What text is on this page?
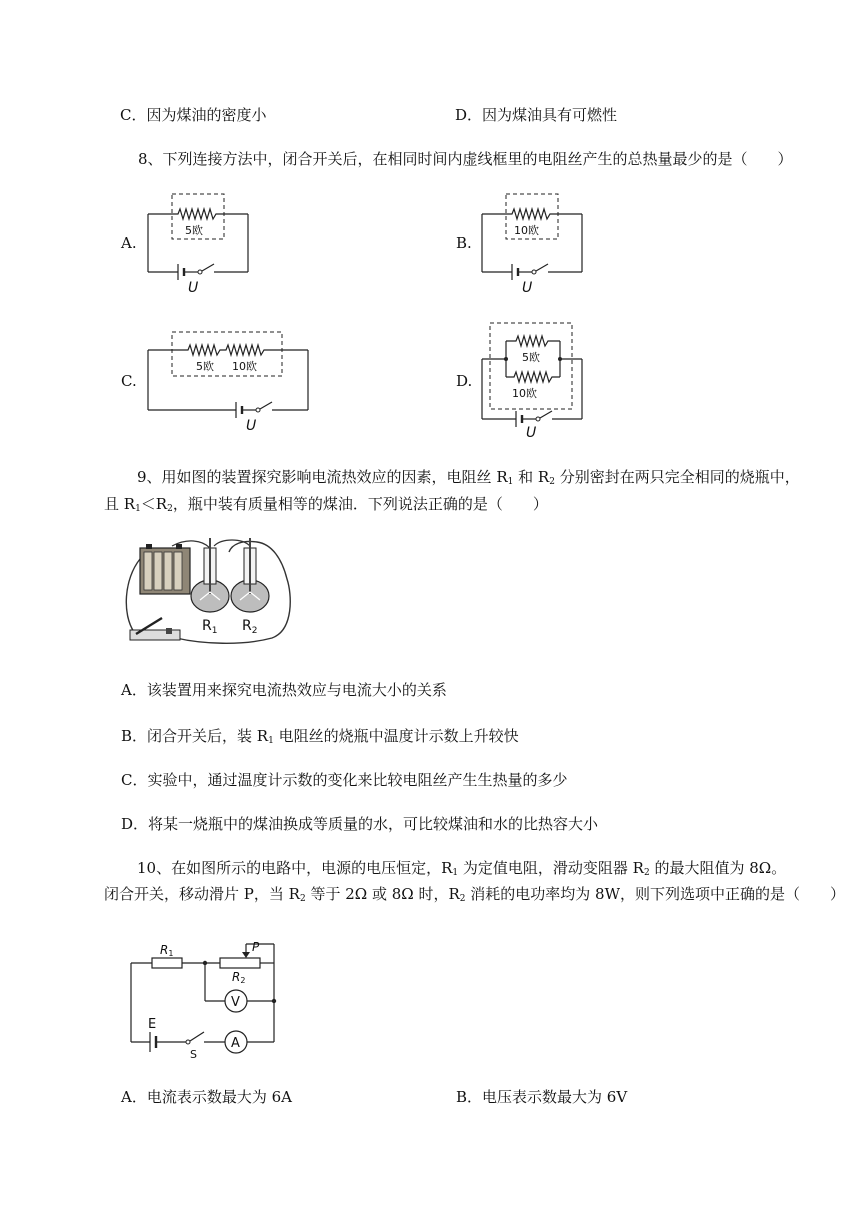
C．因为煤油的密度小	D．因为煤油具有可燃性
8、下列连接方法中，闭合开关后，在相同时间内虚线框里的电阻丝产生的总热量最少的是（　　）
A.
5欧
U
B.
10欧
U
C.
5欧 10欧
U
D.
5欧
10欧
U
9、用如图的装置探究影响电流热效应的因素，电阻丝 $R_1$ 和 $R_2$ 分别密封在两只完全相同的烧瓶中，
且 $R_1<R_2$，瓶中装有质量相等的煤油．下列说法正确的是（　　）
$R_1$ $R_2$
A．该装置用来探究电流热效应与电流大小的关系
B．闭合开关后，装 $R_1$ 电阻丝的烧瓶中温度计示数上升较快
C．实验中，通过温度计示数的变化来比较电阻丝产生生热量的多少
D．将某一烧瓶中的煤油换成等质量的水，可比较煤油和水的比热容大小
10、在如图所示的电路中，电源的电压恒定，$R_1$ 为定值电阻，滑动变阻器 $R_2$ 的最大阻值为 8Ω。
闭合开关，移动滑片 P，当 $R_2$ 等于 2Ω 或 8Ω 时，$R_2$ 消耗的电功率均为 8W，则下列选项中正确的是（　　）
R1
R2
P
V
A
E
S
A．电流表示数最大为 6A	B．电压表示数最大为 6V
